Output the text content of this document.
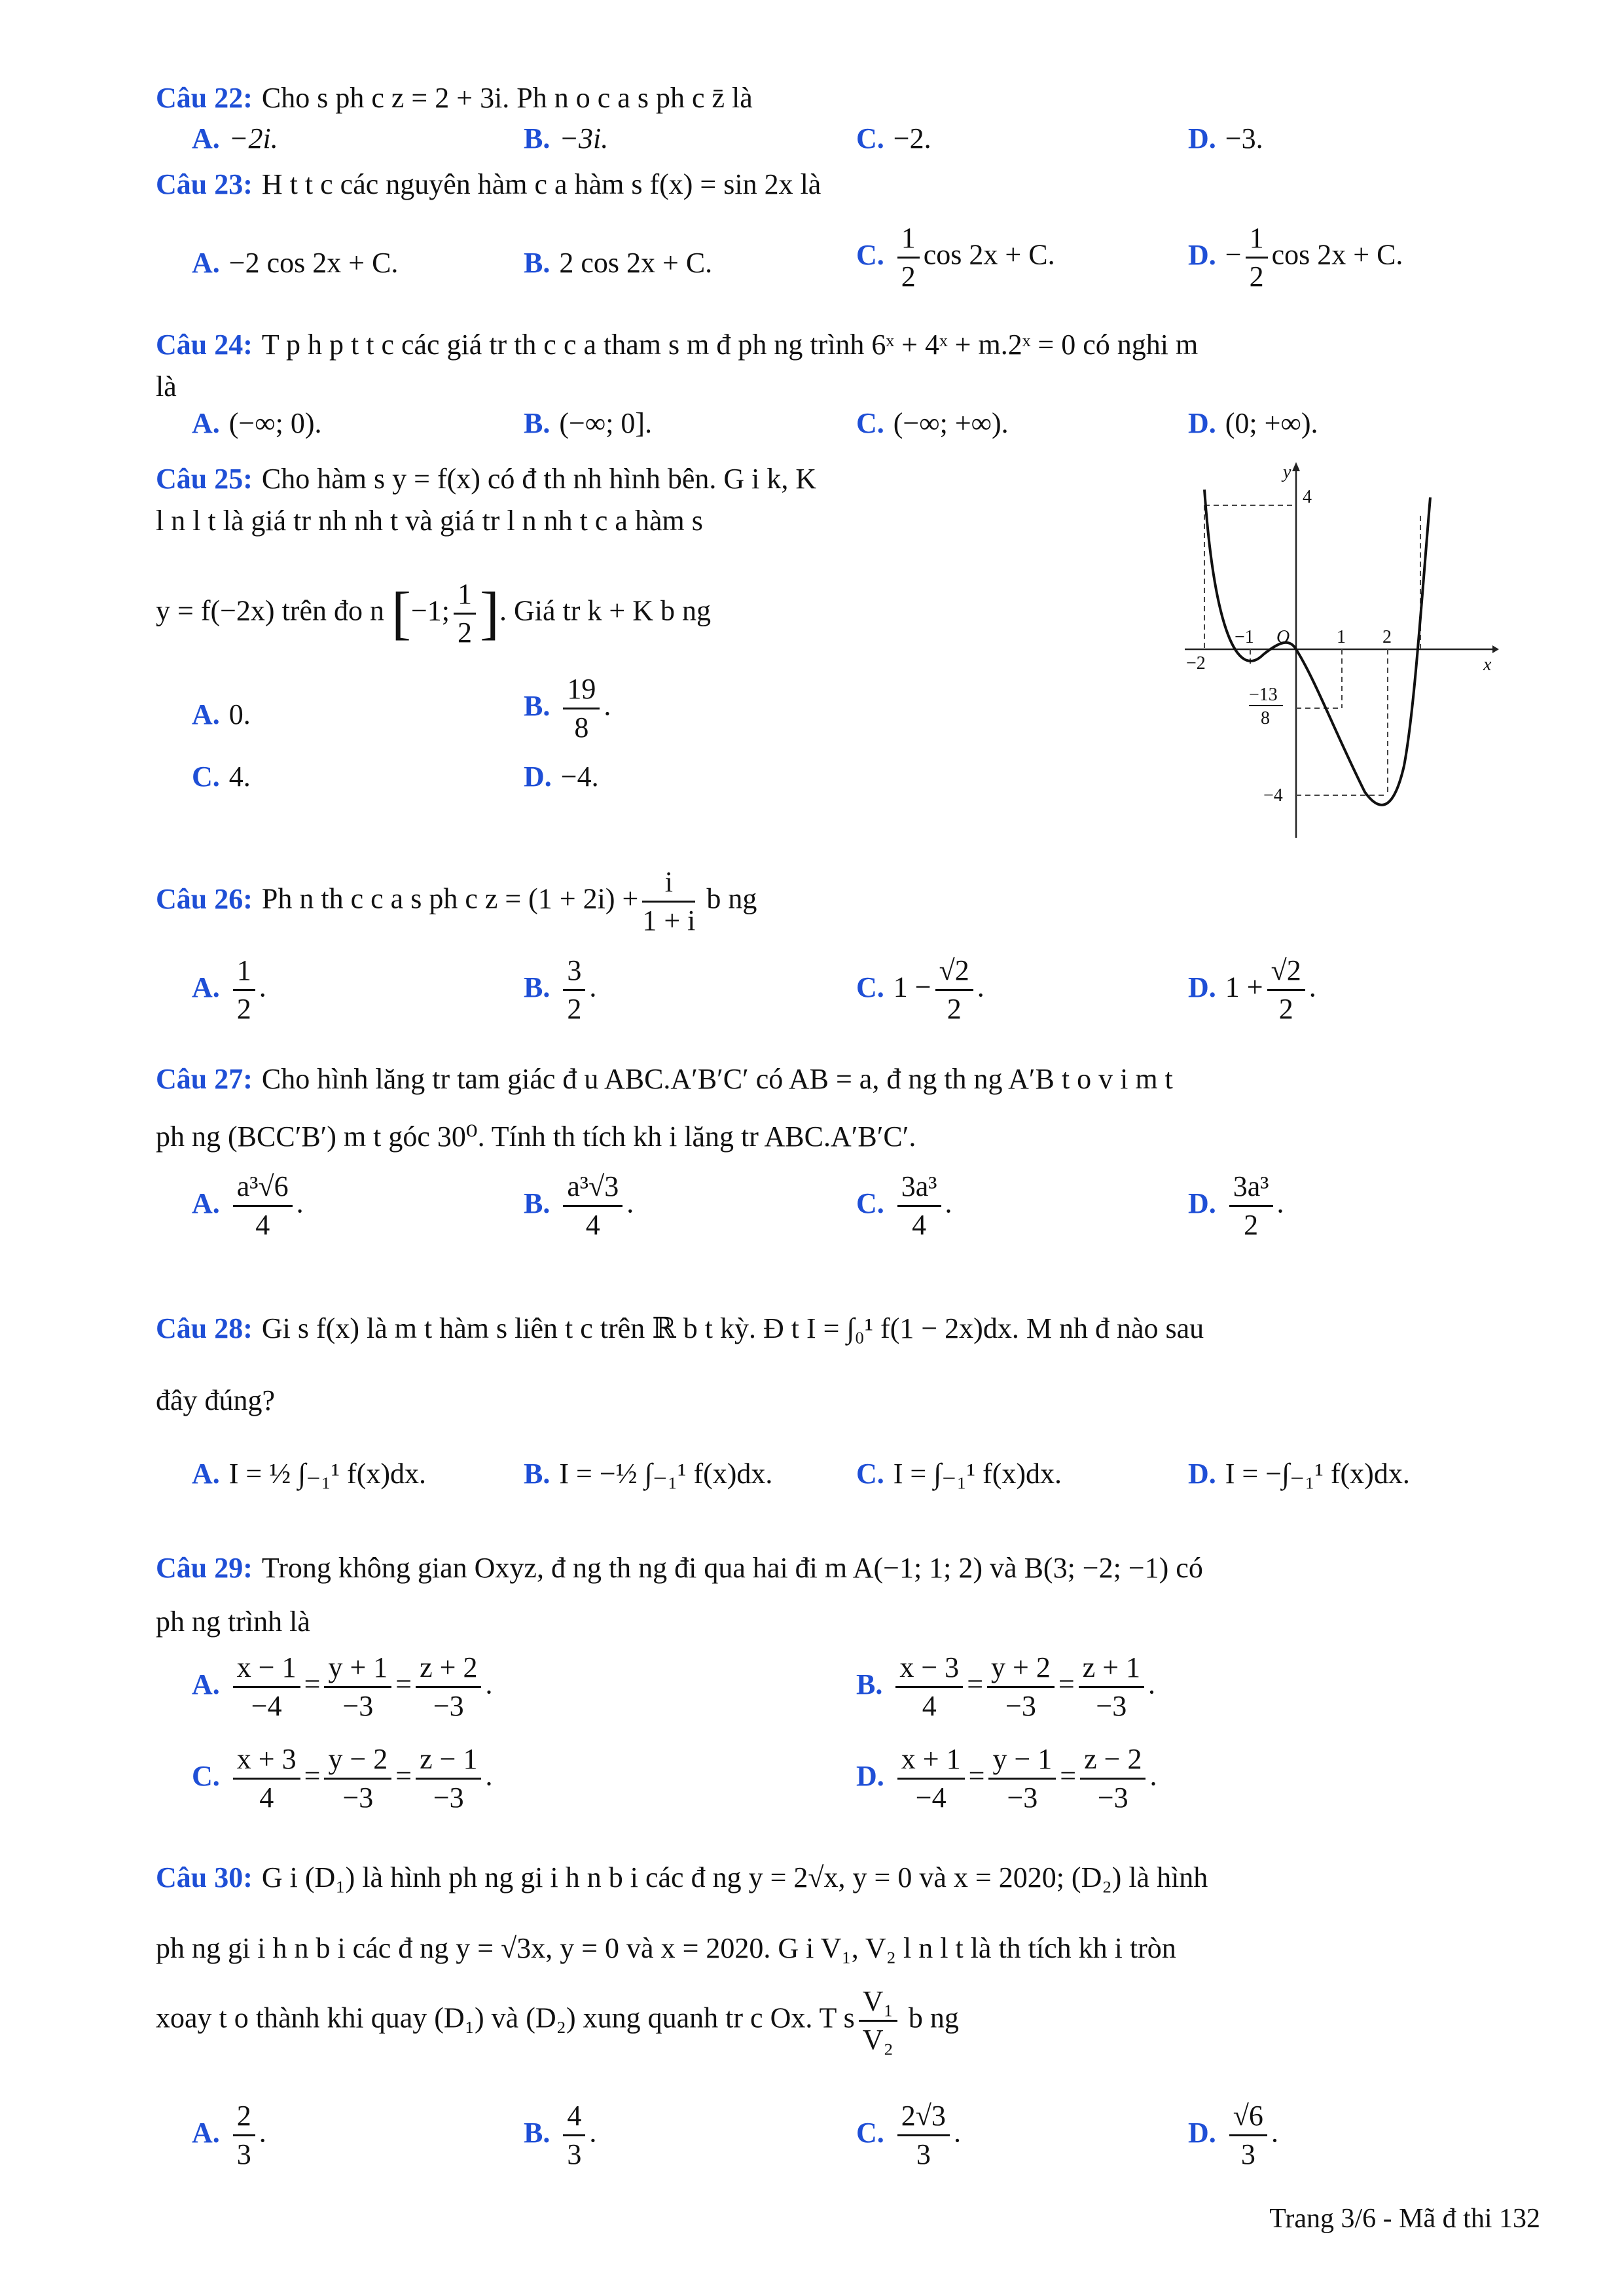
Câu 22: Cho s ph c z = 2 + 3i. Ph n o c a s ph c z̄ là
A. −2i.	B. −3i.	C. −2.	D. −3.
Câu 23: H t t c các nguyên hàm c a hàm s f(x) = sin 2x là
A. −2 cos 2x + C.	B. 2 cos 2x + C.	C. $\frac{1}{2}$ cos 2x + C.	D. − $\frac{1}{2}$ cos 2x + C.
Câu 24: T p h p t t c các giá tr th c c a tham s m đ ph ng trình 6ˣ + 4ˣ + m.2ˣ = 0 có nghi m
là
A. (−∞; 0).	B. (−∞; 0].	C. (−∞; +∞).	D. (0; +∞).
Câu 25: Cho hàm s y = f(x) có đ th nh hình bên. G i k, K
l n l t là giá tr nh nh t và giá tr l n nh t c a hàm s
y = f(−2x) trên đo n [−1; $\frac{1}{2}$ ]. Giá tr k + K b ng
A. 0.	B. $\frac{19}{8}$ .
C. 4.	D. −4.
y
x
O
−2
−1	1 2
4
−13
8
−4
Câu 26: Ph n th c c a s ph c $z = (1 + 2i) + \frac{i}{1 + i}$ b ng
A. $\frac{1}{2}$ .	B. $\frac{3}{2}$ .	C. $1 - \frac{√2}{2}$ .	D. $1 + \frac{√2}{2}$ .
Câu 27: Cho hình lăng tr tam giác đ u ABC.A′B′C′ có AB = a, đ ng th ng A′B t o v i m t
ph ng (BCC′B′) m t góc 30⁰. Tính th tích kh i lăng tr ABC.A′B′C′.
A. $\frac{\text{a³√6}}{4}$ .	B. $\frac{\text{a³√3}}{4}$ .	C. $\frac{\text{3a³}}{4}$ .	D. $\frac{\text{3a³}}{2}$ .
Câu 28: Gi s f(x) là m t hàm s liên t c trên ℝ b t kỳ. Đ t I = ∫₀¹ f(1 − 2x)dx. M nh đ nào sau
đây đúng?
A. I = ½ ∫₋₁¹ f(x)dx.	B. I = −½ ∫₋₁¹ f(x)dx.	C. I = ∫₋₁¹ f(x)dx.	D. I = −∫₋₁¹ f(x)dx.
Câu 29: Trong không gian Oxyz, đ ng th ng đi qua hai đi m A(−1; 1; 2) và B(3; −2; −1) có
ph ng trình là
A. $\frac{x - 1}{-4} = \frac{y + 1}{-3} = \frac{z + 2}{-3}$ .	B. $\frac{x - 3}{4} = \frac{y + 2}{-3} = \frac{z + 1}{-3}$ .
C. $\frac{x + 3}{4} = \frac{y - 2}{-3} = \frac{z - 1}{-3}$ .	D. $\frac{x + 1}{-4} = \frac{y - 1}{-3} = \frac{z - 2}{-3}$ .
Câu 30: G i (D₁) là hình ph ng gi i h n b i các đ ng y = 2√x, y = 0 và x = 2020; (D₂) là hình
ph ng gi i h n b i các đ ng y = √3x, y = 0 và x = 2020. G i V₁, V₂ l n l t là th tích kh i tròn
xoay t o thành khi quay (D₁) và (D₂) xung quanh tr c Ox. T s $\frac{\text{V₁}}{\text{V₂}}$ b ng
A. $\frac{2}{3}$ .	B. $\frac{4}{3}$ .	C. $\frac{2√3}{3}$ .	D. $\frac{√6}{3}$ .
Trang 3/6 - Mã đ thi 132
